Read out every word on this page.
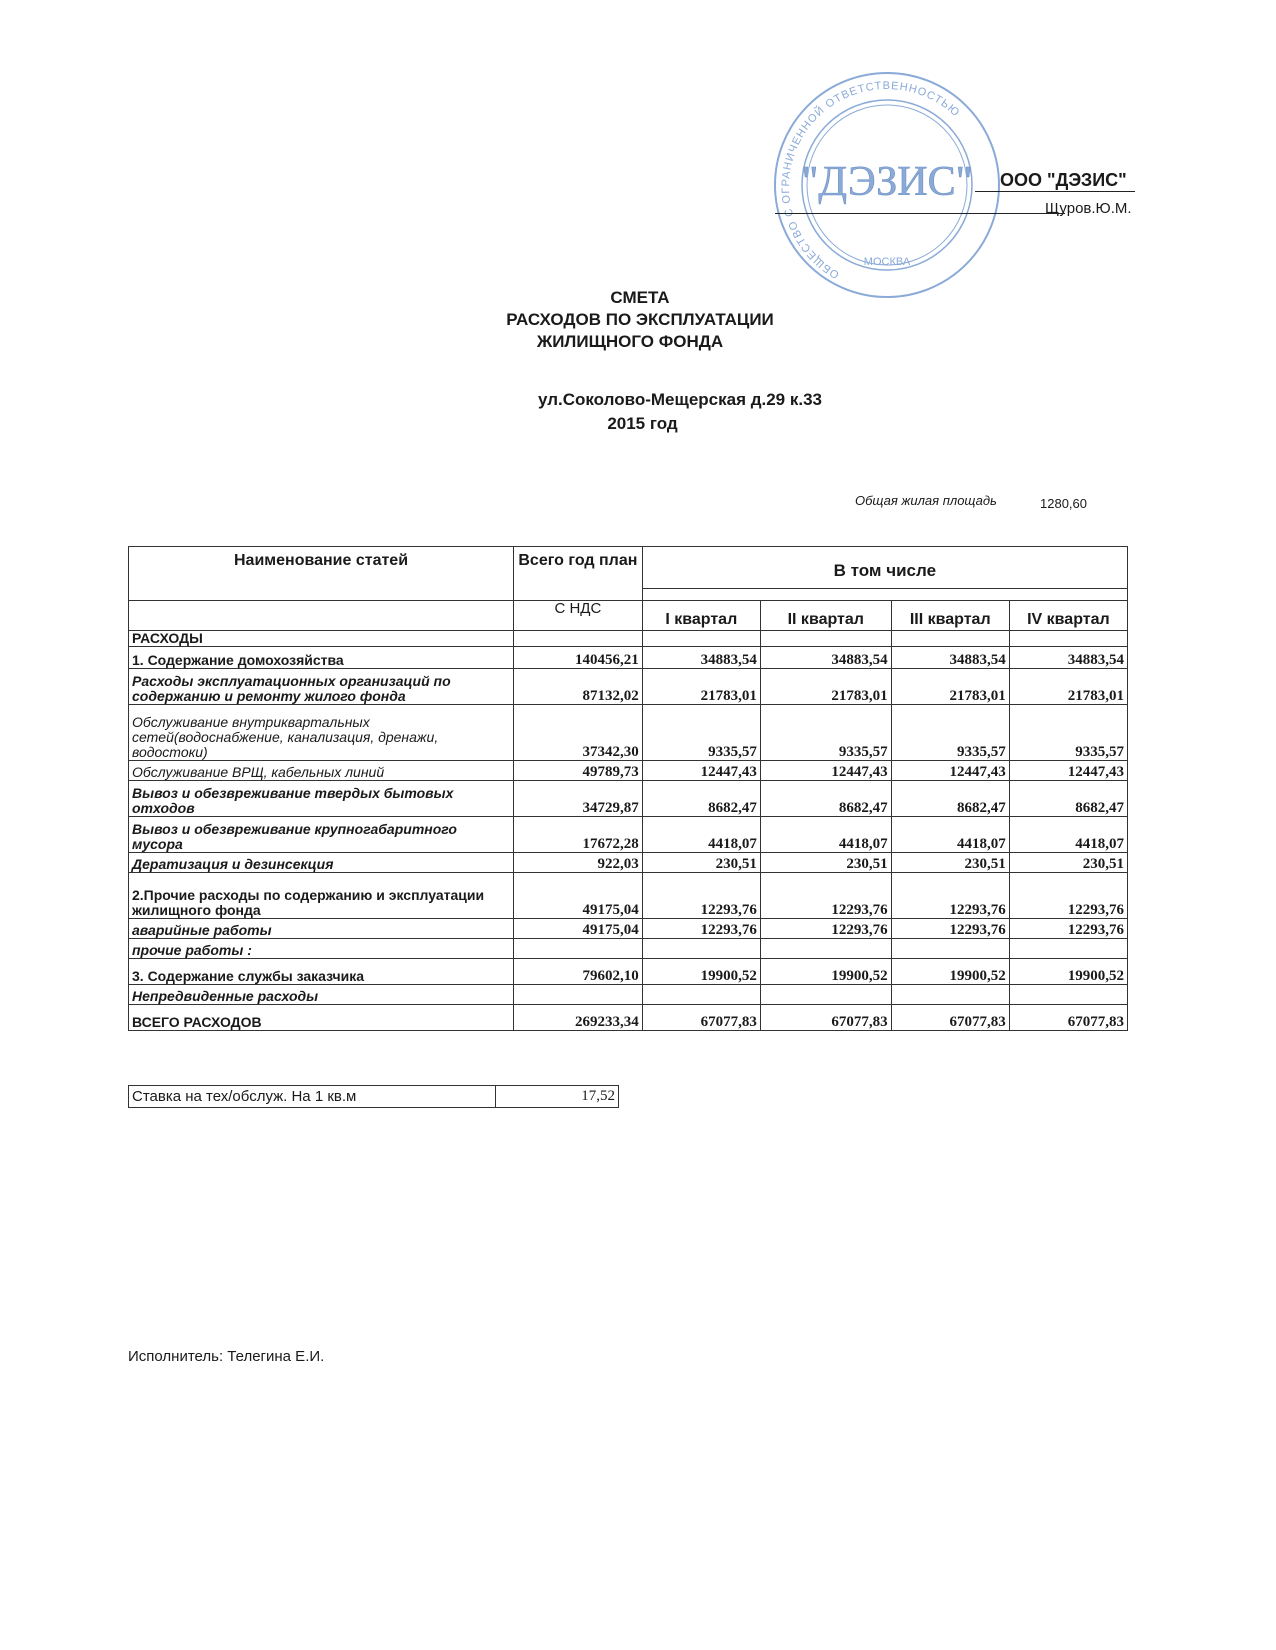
ОБЩЕСТВО ОГРАНИЧЕННОЙ ОТВЕТСТВЕННОСТЬЮ
"ДЭЗИС"
МОСКВА
ООО "ДЭЗИС"
Щуров.Ю.М.
СМЕТА
РАСХОДОВ ПО ЭКСПЛУАТАЦИИ
ЖИЛИЩНОГО ФОНДА
ул.Соколово-Мещерская д.29 к.33
2015 год
Общая жилая площадь	1280,60
Наименование статей	Всего год план	В том числе			

	С НДС	I квартал	II квартал	III квартал	IV квартал
РАСХОДЫ					
1. Содержание домохозяйства	140456,21	34883,54	34883,54	34883,54	34883,54
Расходы эксплуатационных организаций по содержанию и ремонту жилого фонда	87132,02	21783,01	21783,01	21783,01	21783,01
Обслуживание внутриквартальных сетей(водоснабжение, канализация, дренажи, водостоки)	37342,30	9335,57	9335,57	9335,57	9335,57
Обслуживание ВРЩ, кабельных линий	49789,73	12447,43	12447,43	12447,43	12447,43
Вывоз и обезвреживание твердых бытовых отходов	34729,87	8682,47	8682,47	8682,47	8682,47
Вывоз и обезвреживание крупногабаритного мусора	17672,28	4418,07	4418,07	4418,07	4418,07
Дератизация и дезинсекция	922,03	230,51	230,51	230,51	230,51
2.Прочие расходы по содержанию и эксплуатации жилищного фонда	49175,04	12293,76	12293,76	12293,76	12293,76
аварийные работы	49175,04	12293,76	12293,76	12293,76	12293,76
прочие работы :					
3. Содержание службы заказчика	79602,10	19900,52	19900,52	19900,52	19900,52
Непредвиденные расходы					
ВСЕГО РАСХОДОВ	269233,34	67077,83	67077,83	67077,83	67077,83
Ставка на тех/обслуж. На 1 кв.м	17,52
Исполнитель: Телегина Е.И.
